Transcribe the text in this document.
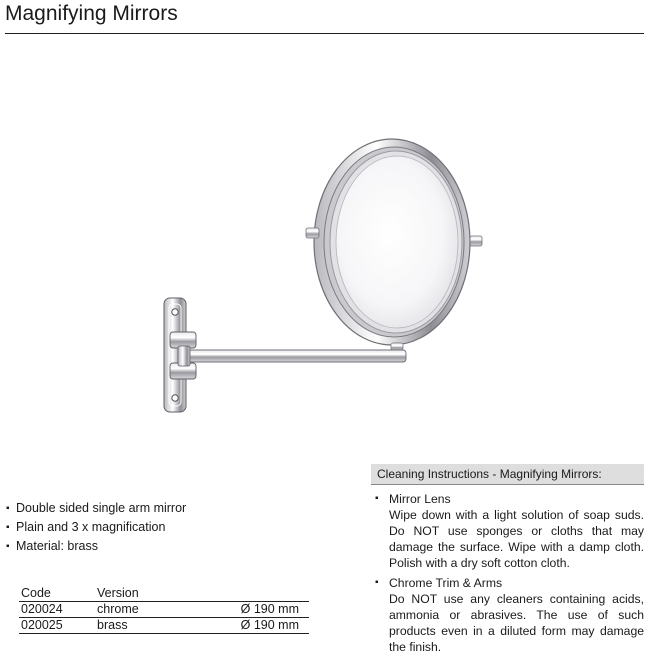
Magnifying Mirrors
▪ Double sided single arm mirror
▪ Plain and 3 x magnification
▪ Material: brass
Code	Version	
020024	chrome	Ø 190 mm
020025	brass	Ø 190 mm
Cleaning Instructions - Magnifying Mirrors:
▪ Mirror Lens
Wipe down with a light solution of soap suds. Do NOT use sponges or cloths that may damage the surface. Wipe with a damp cloth. Polish with a dry soft cotton cloth.
▪ Chrome Trim & Arms
Do NOT use any cleaners containing acids, ammonia or abrasives. The use of such products even in a diluted form may damage the finish.
